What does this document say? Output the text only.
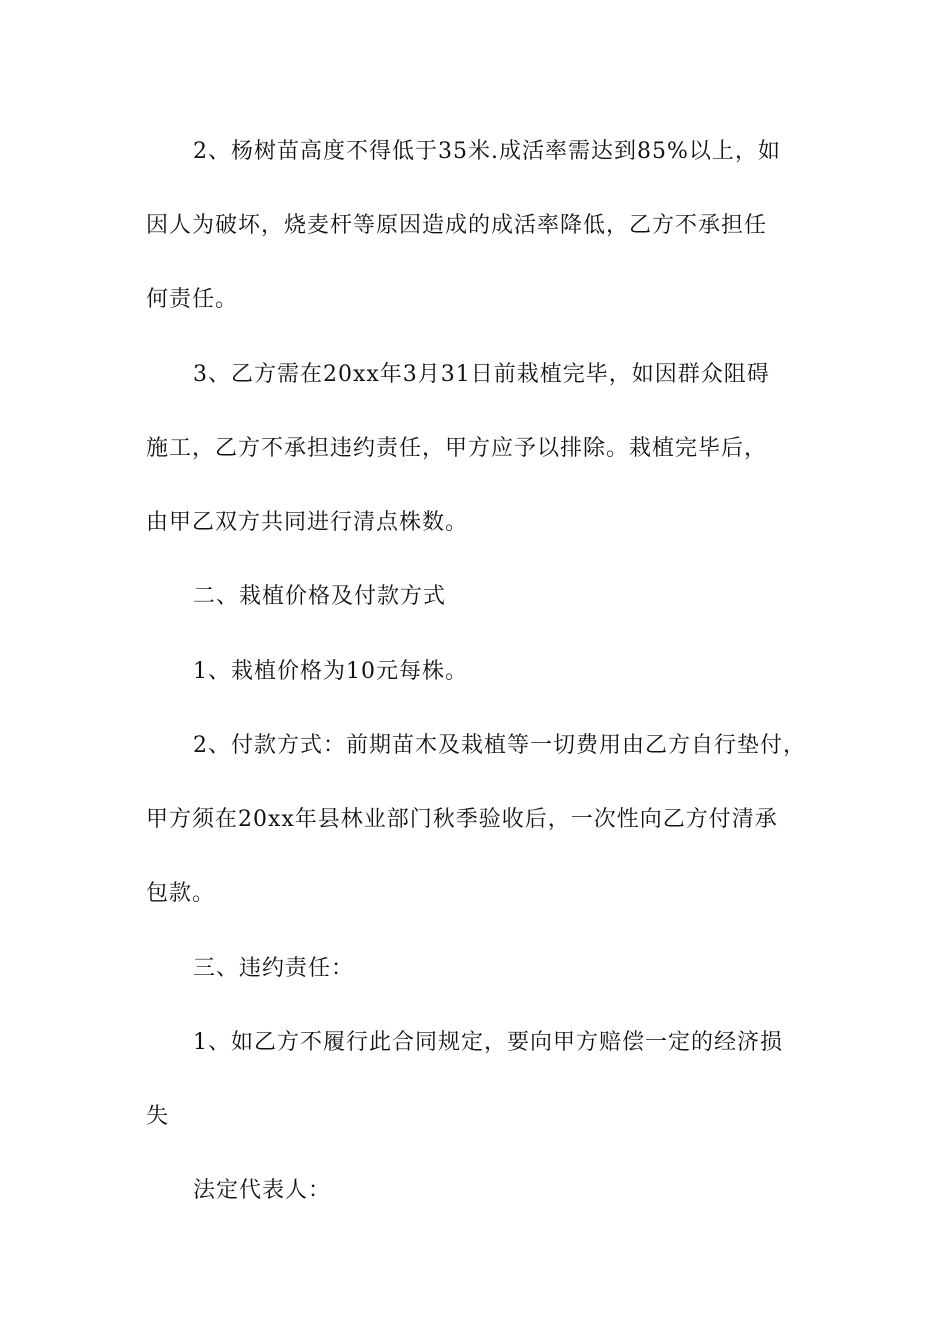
2、杨树苗高度不得低于35米.成活率需达到85%以上，如
因人为破坏，烧麦杆等原因造成的成活率降低，乙方不承担任
何责任。
3、乙方需在20xx年3月31日前栽植完毕，如因群众阻碍
施工，乙方不承担违约责任，甲方应予以排除。栽植完毕后，
由甲乙双方共同进行清点株数。
二、栽植价格及付款方式
1、栽植价格为10元每株。
2、付款方式：前期苗木及栽植等一切费用由乙方自行垫付，
甲方须在20xx年县林业部门秋季验收后，一次性向乙方付清承
包款。
三、违约责任：
1、如乙方不履行此合同规定，要向甲方赔偿一定的经济损
失
法定代表人：
